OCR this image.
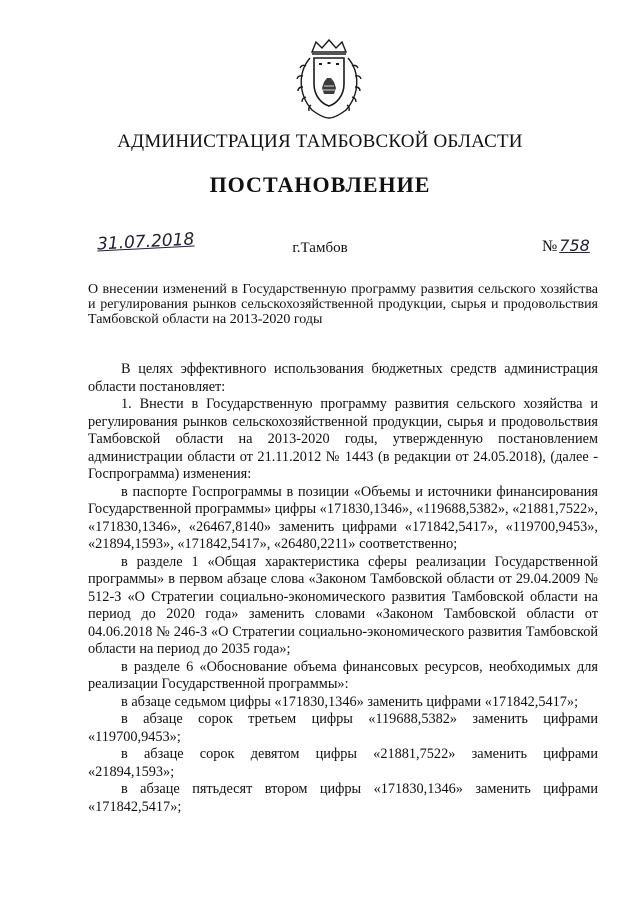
АДМИНИСТРАЦИЯ ТАМБОВСКОЙ ОБЛАСТИ
ПОСТАНОВЛЕНИЕ
31.07.2018	г.Тамбов	№ 758
О внесении изменений в Государственную программу развития сельского хозяйства и регулирования рынков сельскохозяйственной продукции, сырья и продовольствия Тамбовской области на 2013-2020 годы

В целях эффективного использования бюджетных средств администрация области постановляет:

1. Внести в Государственную программу развития сельского хозяйства и регулирования рынков сельскохозяйственной продукции, сырья и продовольствия Тамбовской области на 2013-2020 годы, утвержденную постановлением администрации области от 21.11.2012 № 1443 (в редакции от 24.05.2018), (далее - Госпрограмма) изменения:

в паспорте Госпрограммы в позиции «Объемы и источники финансирования Государственной программы» цифры «171830,1346», «119688,5382», «21881,7522», «171830,1346», «26467,8140» заменить цифрами «171842,5417», «119700,9453», «21894,1593», «171842,5417», «26480,2211» соответственно;

в разделе 1 «Общая характеристика сферы реализации Государственной программы» в первом абзаце слова «Законом Тамбовской области от 29.04.2009 № 512-З «О Стратегии социально-экономического развития Тамбовской области на период до 2020 года» заменить словами «Законом Тамбовской области от 04.06.2018 № 246-З «О Стратегии социально-экономического развития Тамбовской области на период до 2035 года»;

в разделе 6 «Обоснование объема финансовых ресурсов, необходимых для реализации Государственной программы»:

в абзаце седьмом цифры «171830,1346» заменить цифрами «171842,5417»;

в абзаце сорок третьем цифры «119688,5382» заменить цифрами «119700,9453»;

в абзаце сорок девятом цифры «21881,7522» заменить цифрами «21894,1593»;

в абзаце пятьдесят втором цифры «171830,1346» заменить цифрами «171842,5417»;
